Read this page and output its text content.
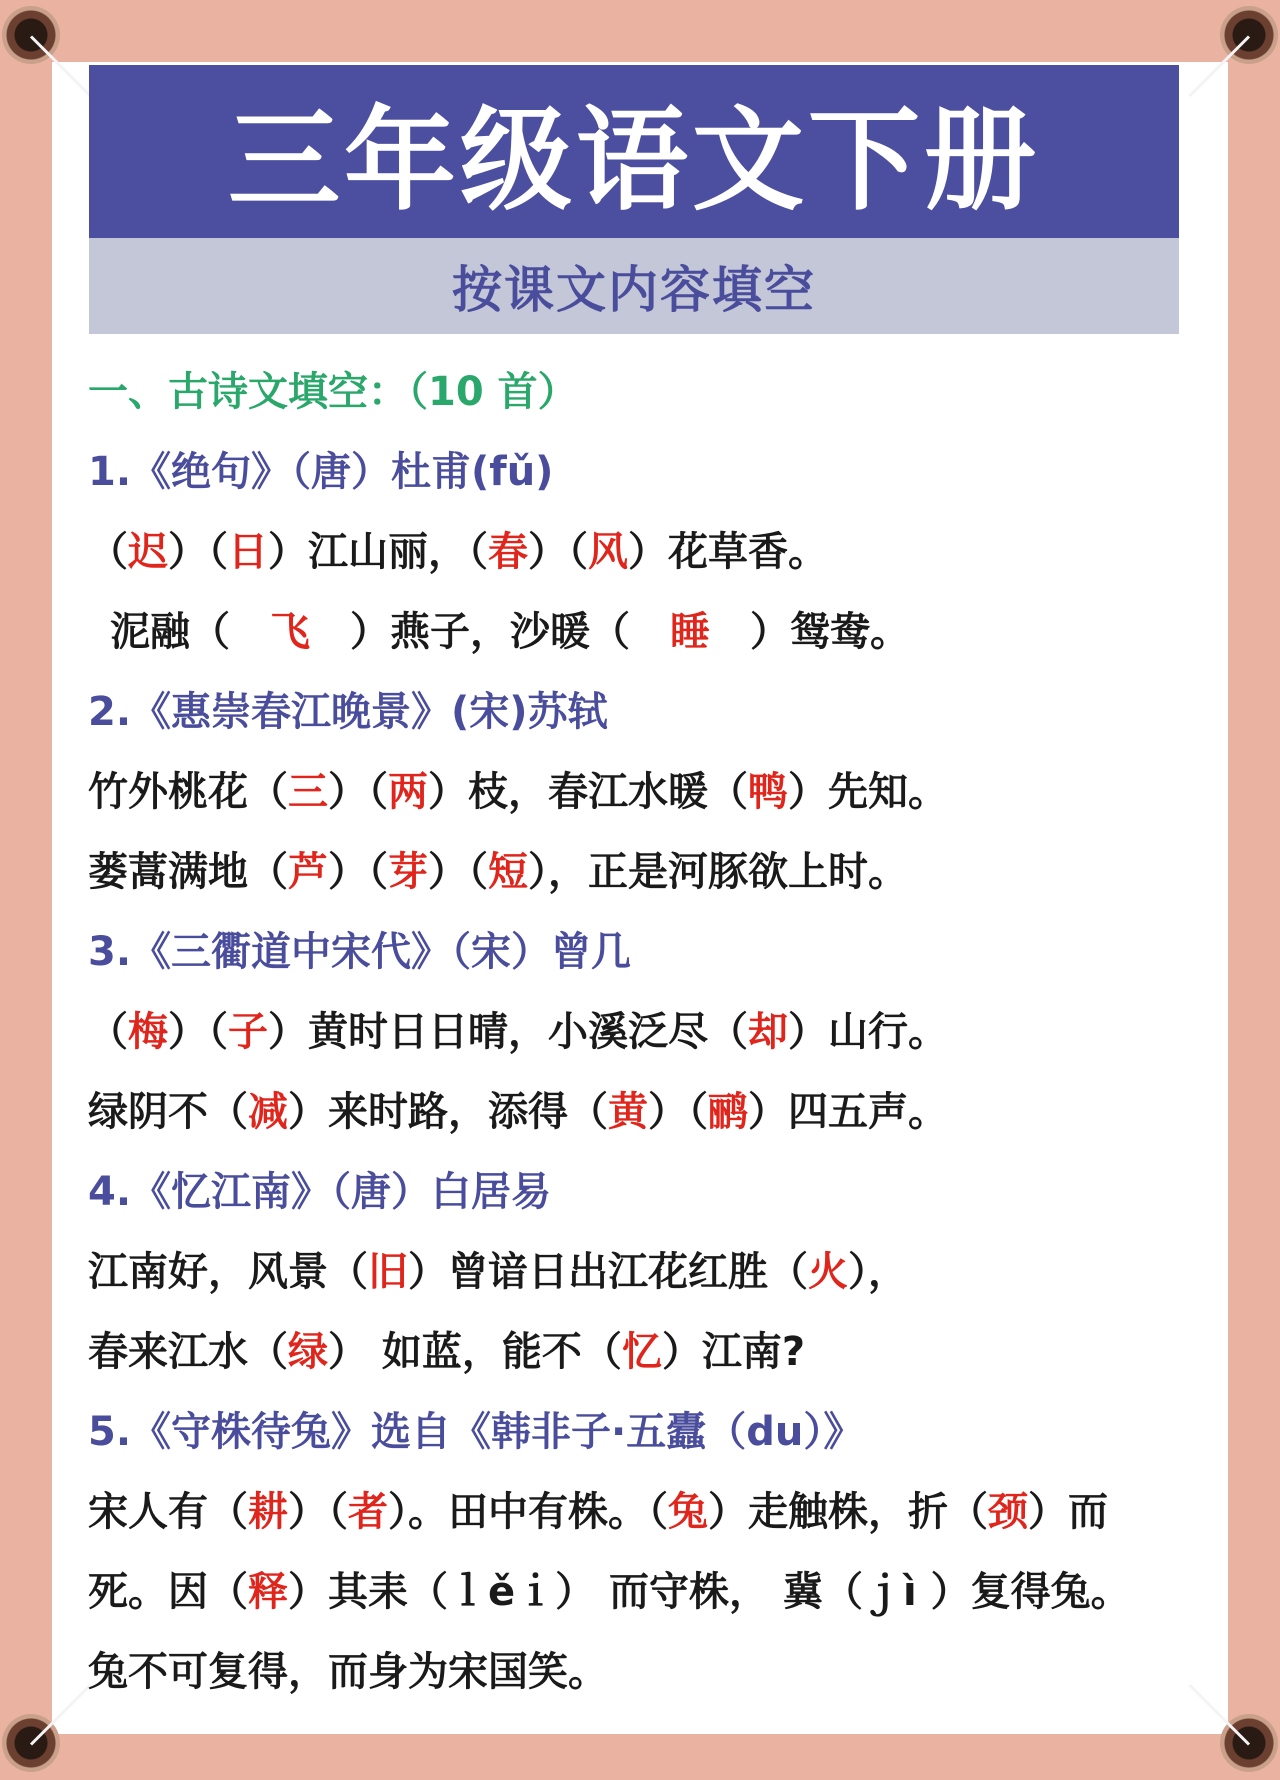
三年级语文下册
按课文内容填空
一、古诗文填空：（10 首）
1.《绝句》（唐）杜甫(fǔ)
（迟）（日）江山丽，（春）（风）花草香。
泥融（　飞　）燕子，沙暖（　睡　）鸳鸯。
2.《惠崇春江晚景》(宋)苏轼
竹外桃花（三）（两）枝，春江水暖（鸭）先知。
蒌蒿满地（芦）（芽）（短），正是河豚欲上时。
3.《三衢道中宋代》（宋）曾几
（梅）（子）黄时日日晴，小溪泛尽（却）山行。
绿阴不（减）来时路，添得（黄）（鹂）四五声。
4.《忆江南》（唐）白居易
江南好，风景（旧）曾谙日出江花红胜（火），
春来江水（绿） 如蓝，能不（忆）江南?
5.《守株待兔》选自《韩非子·五蠹（du）》
宋人有（耕）（者）。田中有株。（兔）走触株，折（颈）而
死。因（释）其耒（ｌěｉ） 而守株， 冀（ｊì ）复得兔。
兔不可复得，而身为宋国笑。
